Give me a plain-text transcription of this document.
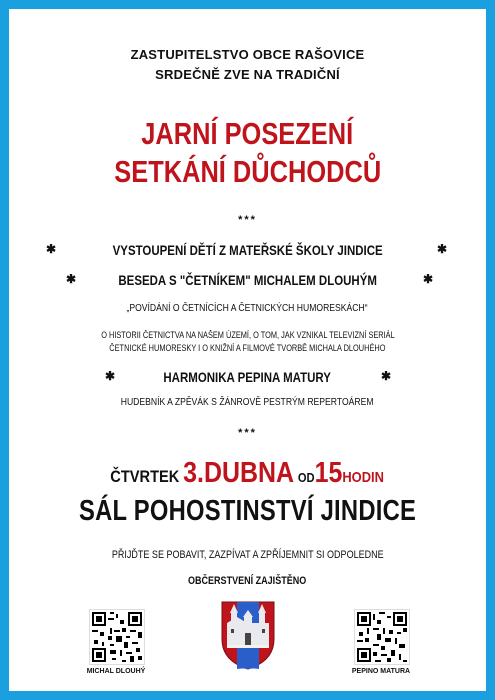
ZASTUPITELSTVO OBCE RAŠOVICE
SRDEČNĚ ZVE NA TRADIČNÍ
JARNÍ POSEZENÍ
SETKÁNÍ DŮCHODCŮ
***
✱	VYSTOUPENÍ DĚTÍ Z MATEŘSKÉ ŠKOLY JINDICE	✱
✱	BESEDA S "ČETNÍKEM" MICHALEM DLOUHÝM	✱
„POVÍDÁNÍ O ČETNÍCÍCH A ČETNICKÝCH HUMORESKÁCH“
O HISTORII ČETNICTVA NA NAŠEM ÚZEMÍ, O TOM, JAK VZNIKAL TELEVIZNÍ SERIÁL
ČETNICKÉ HUMORESKY I O KNIŽNÍ A FILMOVÉ TVORBĚ MICHALA DLOUHÉHO
✱	HARMONIKA PEPINA MATURY	✱
HUDEBNÍK A ZPĚVÁK S ŽÁNROVĚ PESTRÝM REPERTOÁREM
***
ČTVRTEK 3.DUBNA OD15HODIN
SÁL POHOSTINSTVÍ JINDICE
PŘIJĎTE SE POBAVIT, ZAZPÍVAT A ZPŘÍJEMNIT SI ODPOLEDNE
OBČERSTVENÍ ZAJIŠTĚNO
MICHAL DLOUHÝ	PEPINO MATURA
